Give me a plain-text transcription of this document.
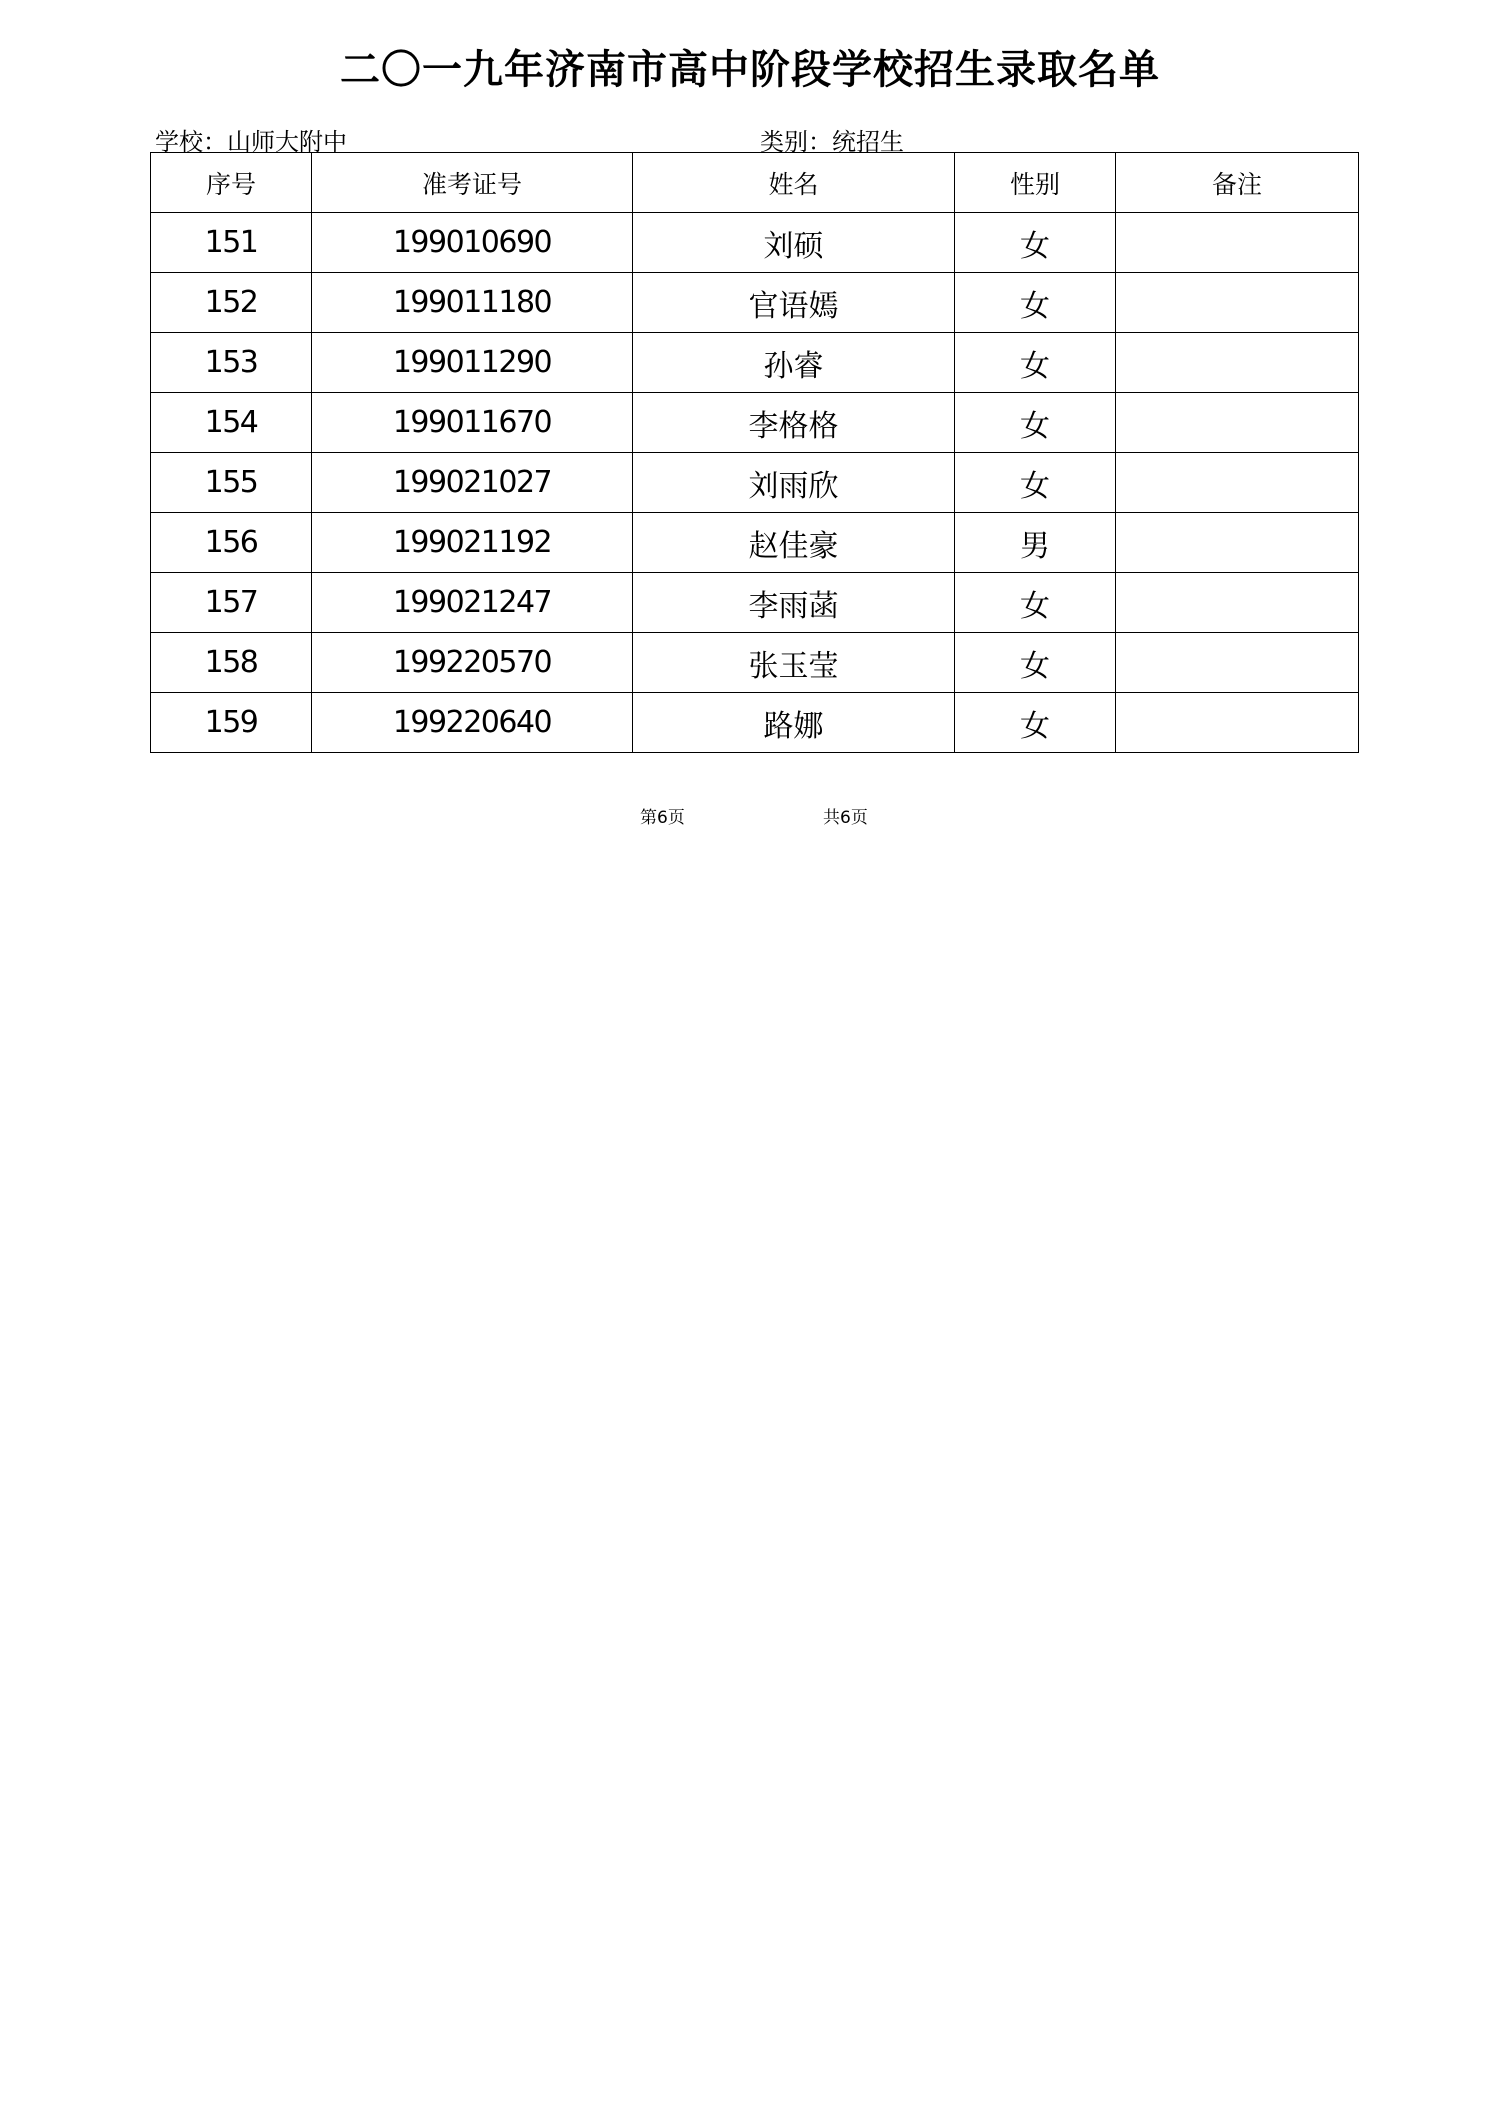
二〇一九年济南市高中阶段学校招生录取名单
学校：山师大附中	类别：统招生
序号	准考证号	姓名	性别	备注
151	199010690	刘硕	女	
152	199011180	官语嫣	女	
153	199011290	孙睿	女	
154	199011670	李格格	女	
155	199021027	刘雨欣	女	
156	199021192	赵佳豪	男	
157	199021247	李雨菡	女	
158	199220570	张玉莹	女	
159	199220640	路娜	女	
第6页	共6页
